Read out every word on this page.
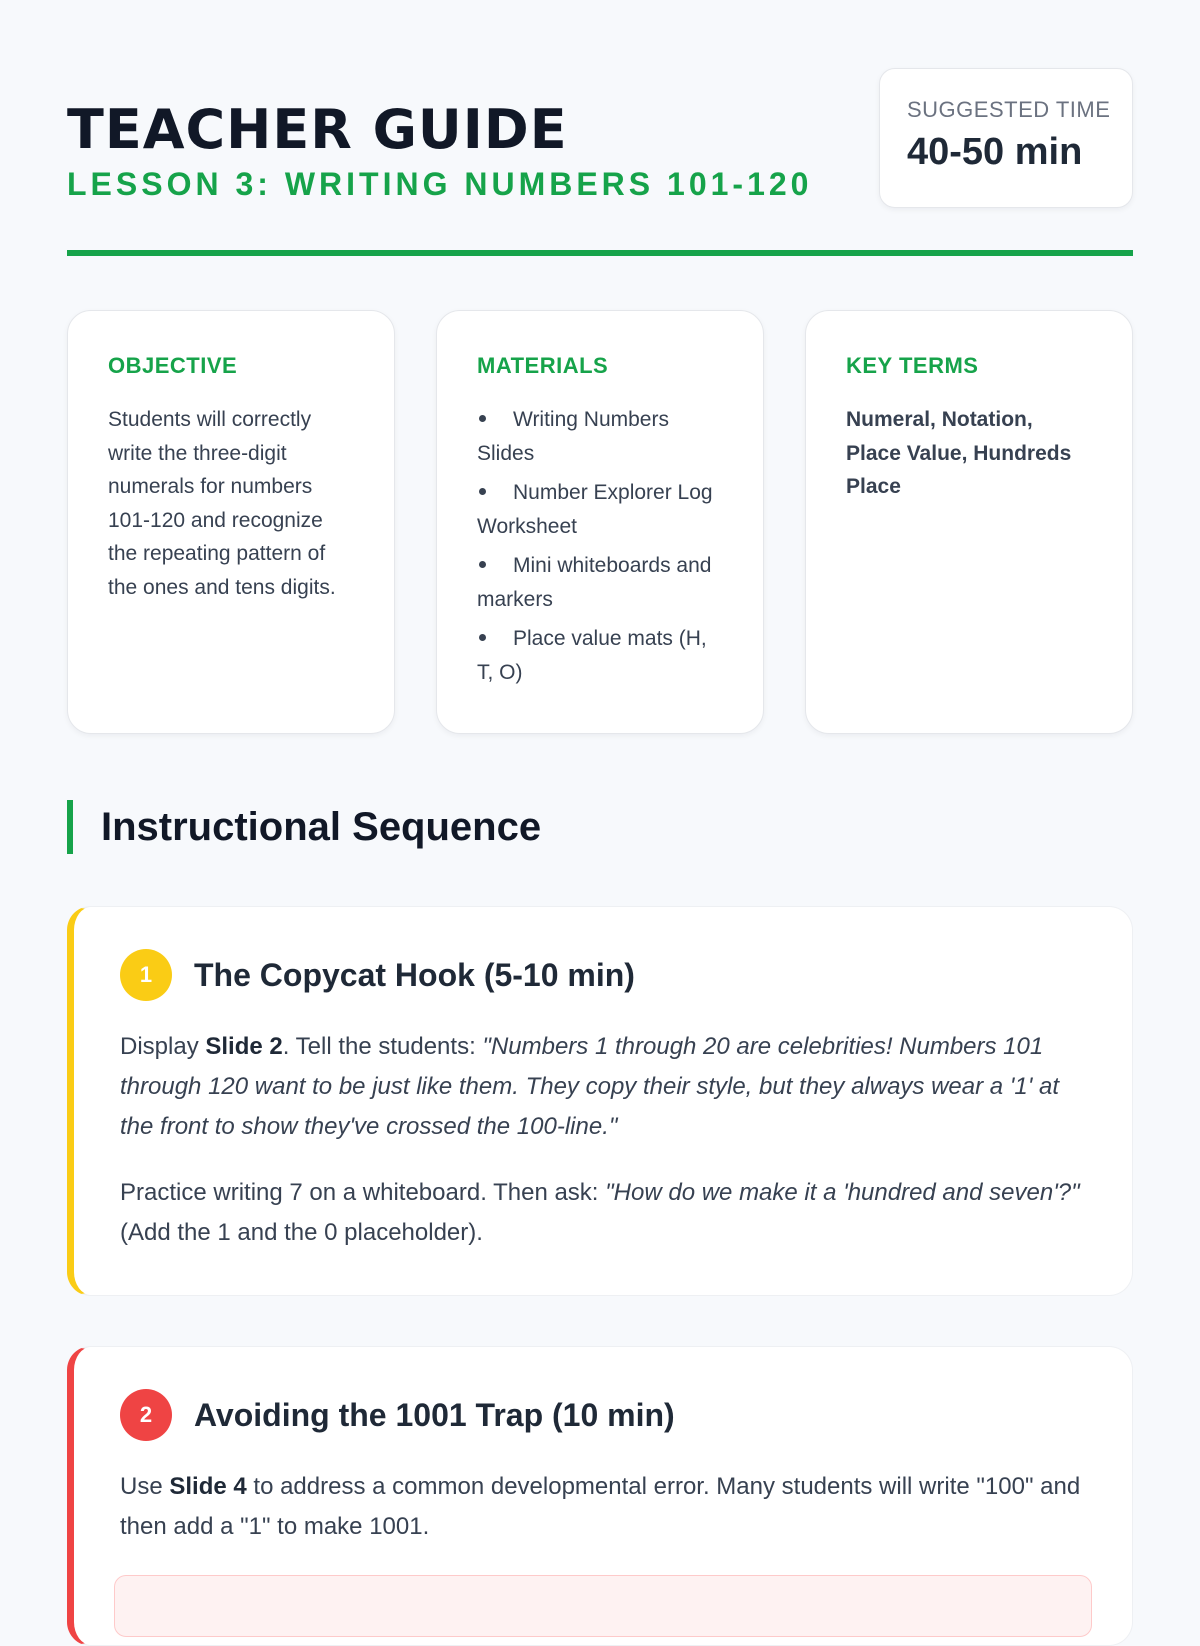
TEACHER GUIDE
LESSON 3: WRITING NUMBERS 101-120
SUGGESTED TIME
40-50 min
OBJECTIVE

Students will correctly write the three-digit numerals for numbers 101-120 and recognize the repeating pattern of the ones and tens digits.

MATERIALS
Writing Numbers Slides
Number Explorer Log Worksheet
Mini whiteboards and markers
Place value mats (H, T, O)
KEY TERMS
Numeral, Notation, Place Value, Hundreds Place
Instructional Sequence
1	The Copycat Hook (5-10 min)

Display Slide 2. Tell the students: "Numbers 1 through 20 are celebrities! Numbers 101 through 120 want to be just like them. They copy their style, but they always wear a '1' at the front to show they've crossed the 100-line."

Practice writing 7 on a whiteboard. Then ask: "How do we make it a 'hundred and seven'?" (Add the 1 and the 0 placeholder).

2	Avoiding the 1001 Trap (10 min)

Use Slide 4 to address a common developmental error. Many students will write "100" and then add a "1" to make 1001.
